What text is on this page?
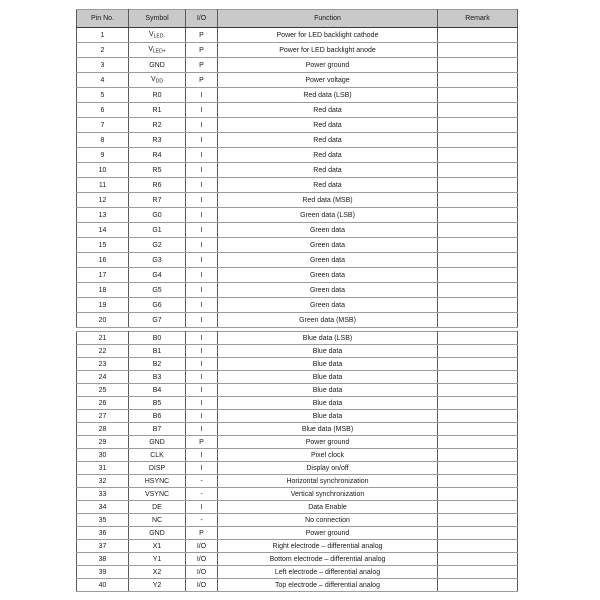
Pin No.	Symbol	I/O	Function	Remark
1	$V_{LED-}$	P	Power for LED backlight cathode	
2	$V_{LED+}$	P	Power for LED backlight anode	
3	GND	P	Power ground	
4	$V_{DD}$	P	Power voltage	
5	R0	I	Red data (LSB)	
6	R1	I	Red data	
7	R2	I	Red data	
8	R3	I	Red data	
9	R4	I	Red data	
10	R5	I	Red data	
11	R6	I	Red data	
12	R7	I	Red data (MSB)	
13	G0	I	Green data (LSB)	
14	G1	I	Green data	
15	G2	I	Green data	
16	G3	I	Green data	
17	G4	I	Green data	
18	G5	I	Green data	
19	G6	I	Green data	
20	G7	I	Green data (MSB)	
21	B0	I	Blue data (LSB)	
22	B1	I	Blue data	
23	B2	I	Blue data	
24	B3	I	Blue data	
25	B4	I	Blue data	
26	B5	I	Blue data	
27	B6	I	Blue data	
28	B7	I	Blue data (MSB)	
29	GND	P	Power ground	
30	CLK	I	Pixel clock	
31	DISP	I	Display on/off	
32	HSYNC	-	Horizontal synchronization	
33	VSYNC	-	Vertical synchronization	
34	DE	I	Data Enable	
35	NC	-	No connection	
36	GND	P	Power ground	
37	X1	I/O	Right electrode – differential analog	
38	Y1	I/O	Bottom electrode – differential analog	
39	X2	I/O	Left electrode – differential analog	
40	Y2	I/O	Top electrode – differential analog	
